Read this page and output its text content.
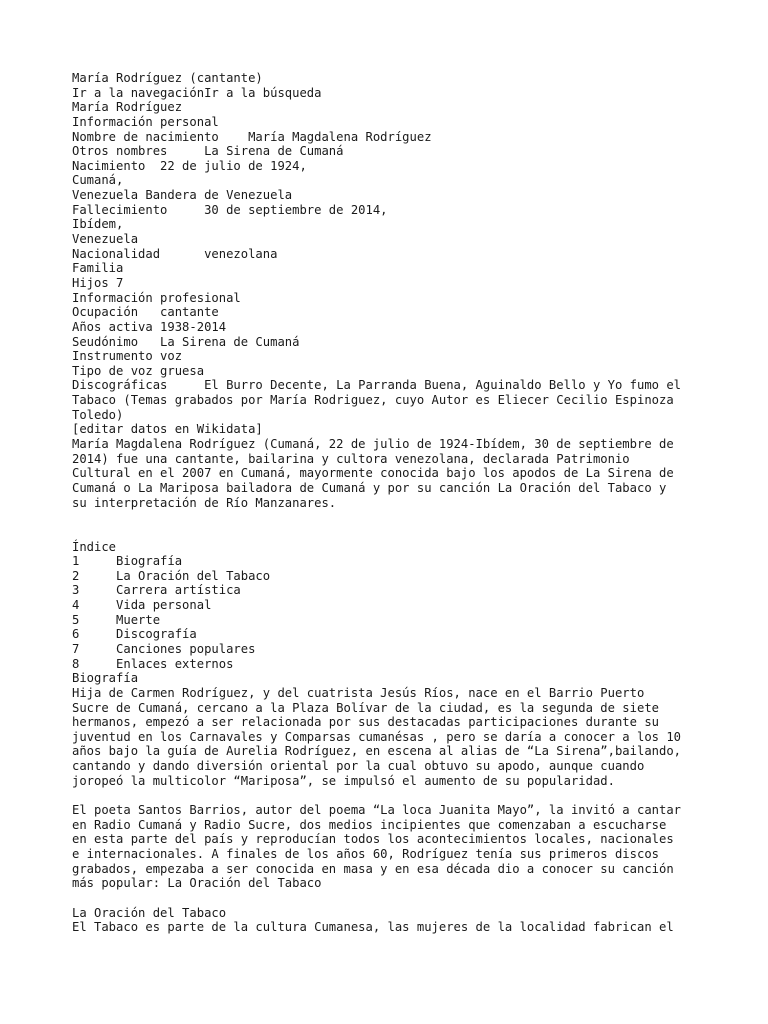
María Rodríguez (cantante)
Ir a la navegaciónIr a la búsqueda
María Rodríguez
Información personal
Nombre de nacimiento    María Magdalena Rodríguez
Otros nombres     La Sirena de Cumaná
Nacimiento  22 de julio de 1924,
Cumaná,
Venezuela Bandera de Venezuela
Fallecimiento     30 de septiembre de 2014,
Ibídem,
Venezuela
Nacionalidad      venezolana
Familia
Hijos 7
Información profesional
Ocupación   cantante
Años activa 1938-2014
Seudónimo   La Sirena de Cumaná
Instrumento voz
Tipo de voz gruesa
Discográficas     El Burro Decente, La Parranda Buena, Aguinaldo Bello y Yo fumo el
Tabaco (Temas grabados por María Rodriguez, cuyo Autor es Eliecer Cecilio Espinoza
Toledo)
[editar datos en Wikidata]
María Magdalena Rodríguez (Cumaná, 22 de julio de 1924-Ibídem, 30 de septiembre de
2014) fue una cantante, bailarina y cultora venezolana, declarada Patrimonio
Cultural en el 2007 en Cumaná, mayormente conocida bajo los apodos de La Sirena de
Cumaná o La Mariposa bailadora de Cumaná y por su canción La Oración del Tabaco y
su interpretación de Río Manzanares.
Índice
1     Biografía
2     La Oración del Tabaco
3     Carrera artística
4     Vida personal
5     Muerte
6     Discografía
7     Canciones populares
8     Enlaces externos
Biografía
Hija de Carmen Rodríguez, y del cuatrista Jesús Ríos, nace en el Barrio Puerto
Sucre de Cumaná, cercano a la Plaza Bolívar de la ciudad, es la segunda de siete
hermanos, empezó a ser relacionada por sus destacadas participaciones durante su
juventud en los Carnavales y Comparsas cumanésas , pero se daría a conocer a los 10
años bajo la guía de Aurelia Rodríguez, en escena al alias de “La Sirena”,bailando,
cantando y dando diversión oriental por la cual obtuvo su apodo, aunque cuando
joropeó la multicolor “Mariposa”, se impulsó el aumento de su popularidad.
El poeta Santos Barrios, autor del poema “La loca Juanita Mayo”, la invitó a cantar
en Radio Cumaná y Radio Sucre, dos medios incipientes que comenzaban a escucharse
en esta parte del país y reproducían todos los acontecimientos locales, nacionales
e internacionales. A finales de los años 60, Rodríguez tenía sus primeros discos
grabados, empezaba a ser conocida en masa y en esa década dio a conocer su canción
más popular: La Oración del Tabaco
La Oración del Tabaco
El Tabaco es parte de la cultura Cumanesa, las mujeres de la localidad fabrican el
